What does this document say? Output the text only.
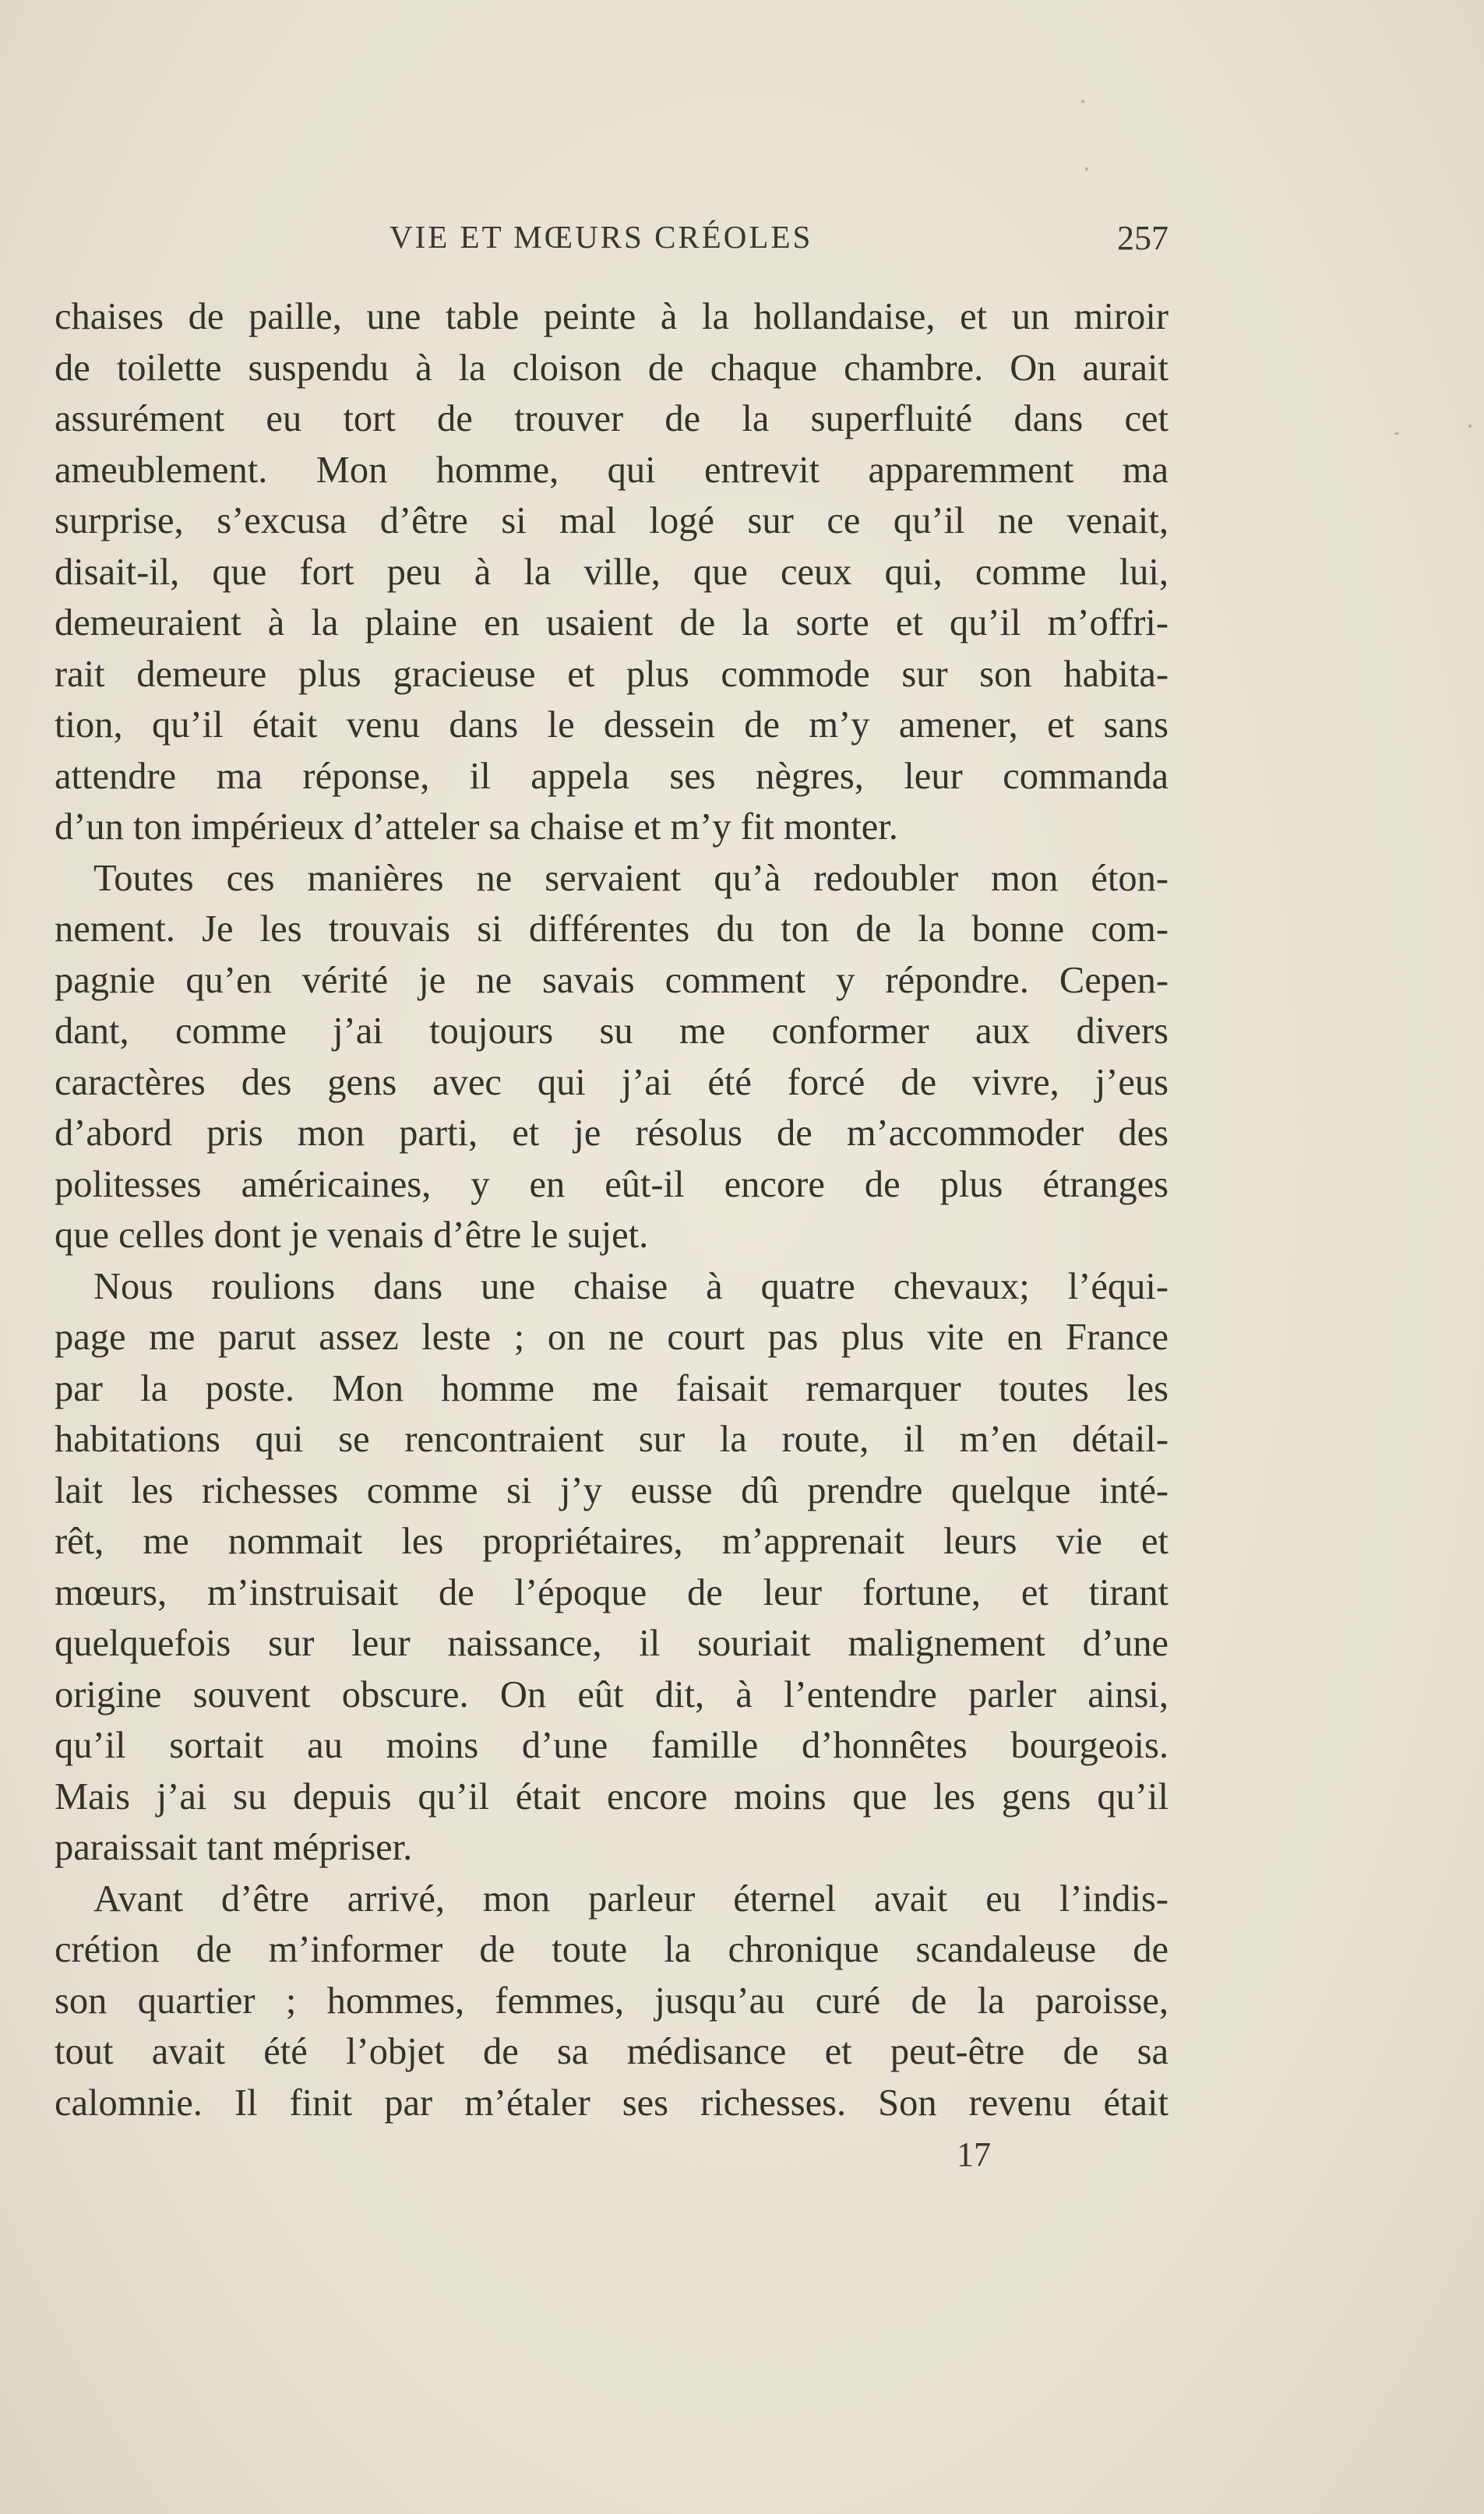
VIE ET MŒURS CRÉOLES	257
chaises de paille, une table peinte à la hollandaise, et un miroir
de toilette suspendu à la cloison de chaque chambre. On aurait
assurément eu tort de trouver de la superfluité dans cet
ameublement. Mon homme, qui entrevit apparemment ma
surprise, s’excusa d’être si mal logé sur ce qu’il ne venait,
disait-il, que fort peu à la ville, que ceux qui, comme lui,
demeuraient à la plaine en usaient de la sorte et qu’il m’offri-
rait demeure plus gracieuse et plus commode sur son habita-
tion, qu’il était venu dans le dessein de m’y amener, et sans
attendre ma réponse, il appela ses nègres, leur commanda
d’un ton impérieux d’atteler sa chaise et m’y fit monter.
Toutes ces manières ne servaient qu’à redoubler mon éton-
nement. Je les trouvais si différentes du ton de la bonne com-
pagnie qu’en vérité je ne savais comment y répondre. Cepen-
dant, comme j’ai toujours su me conformer aux divers
caractères des gens avec qui j’ai été forcé de vivre, j’eus
d’abord pris mon parti, et je résolus de m’accommoder des
politesses américaines, y en eût-il encore de plus étranges
que celles dont je venais d’être le sujet.
Nous roulions dans une chaise à quatre chevaux; l’équi-
page me parut assez leste ; on ne court pas plus vite en France
par la poste. Mon homme me faisait remarquer toutes les
habitations qui se rencontraient sur la route, il m’en détail-
lait les richesses comme si j’y eusse dû prendre quelque inté-
rêt, me nommait les propriétaires, m’apprenait leurs vie et
mœurs, m’instruisait de l’époque de leur fortune, et tirant
quelquefois sur leur naissance, il souriait malignement d’une
origine souvent obscure. On eût dit, à l’entendre parler ainsi,
qu’il sortait au moins d’une famille d’honnêtes bourgeois.
Mais j’ai su depuis qu’il était encore moins que les gens qu’il
paraissait tant mépriser.
Avant d’être arrivé, mon parleur éternel avait eu l’indis-
crétion de m’informer de toute la chronique scandaleuse de
son quartier ; hommes, femmes, jusqu’au curé de la paroisse,
tout avait été l’objet de sa médisance et peut-être de sa
calomnie. Il finit par m’étaler ses richesses. Son revenu était
17
